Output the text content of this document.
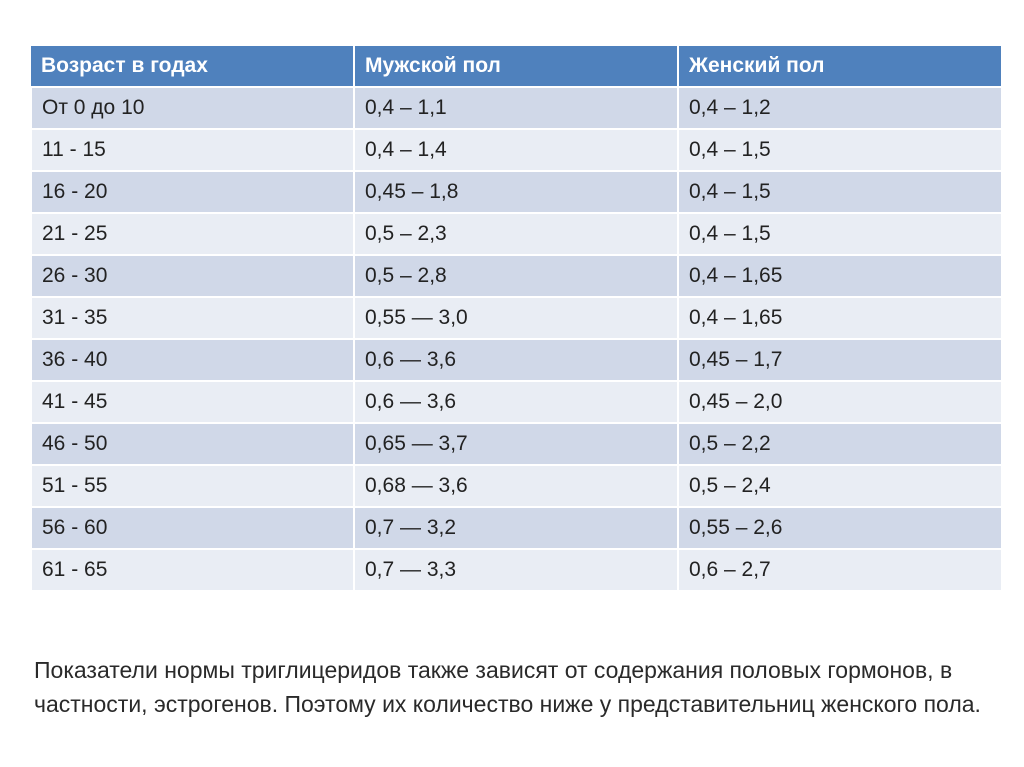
Возраст в годах	Мужской пол	Женский пол
От 0 до 10	0,4 – 1,1	0,4 – 1,2
11 - 15	0,4 – 1,4	0,4 – 1,5
16 - 20	0,45 – 1,8	0,4 – 1,5
21 - 25	0,5 – 2,3	0,4 – 1,5
26 - 30	0,5 – 2,8	0,4 – 1,65
31 - 35	0,55 — 3,0	0,4 – 1,65
36 - 40	0,6 — 3,6	0,45 – 1,7
41 - 45	0,6 — 3,6	0,45 – 2,0
46 - 50	0,65 — 3,7	0,5 – 2,2
51 - 55	0,68 — 3,6	0,5 – 2,4
56 - 60	0,7 — 3,2	0,55 – 2,6
61 - 65	0,7 — 3,3	0,6 – 2,7

Показатели нормы триглицеридов также зависят от содержания половых гормонов, в частности, эстрогенов. Поэтому их количество ниже у представительниц женского пола.
